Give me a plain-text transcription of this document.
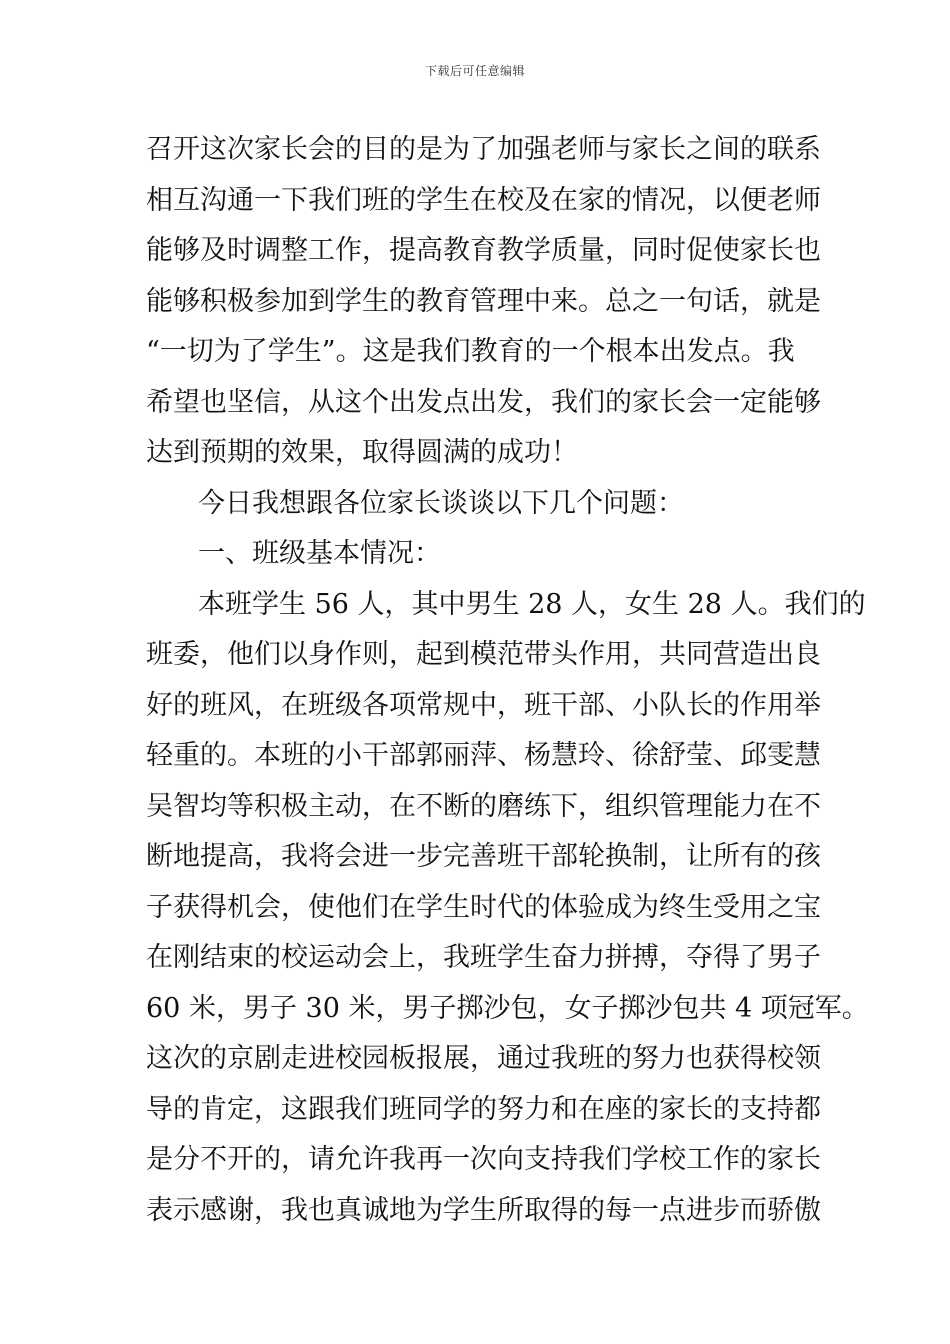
下载后可任意编辑
召开这次家长会的目的是为了加强老师与家长之间的联系
相互沟通一下我们班的学生在校及在家的情况，以便老师
能够及时调整工作，提高教育教学质量，同时促使家长也
能够积极参加到学生的教育管理中来。总之一句话，就是
“一切为了学生”。这是我们教育的一个根本出发点。我
希望也坚信，从这个出发点出发，我们的家长会一定能够
达到预期的效果，取得圆满的成功！
今日我想跟各位家长谈谈以下几个问题：
一、班级基本情况：
本班学生 56 人，其中男生 28 人，女生 28 人。我们的
班委，他们以身作则，起到模范带头作用，共同营造出良
好的班风，在班级各项常规中，班干部、小队长的作用举
轻重的。本班的小干部郭丽萍、杨慧玲、徐舒莹、邱雯慧
吴智均等积极主动，在不断的磨练下，组织管理能力在不
断地提高，我将会进一步完善班干部轮换制，让所有的孩
子获得机会，使他们在学生时代的体验成为终生受用之宝
在刚结束的校运动会上，我班学生奋力拼搏，夺得了男子
60 米，男子 30 米，男子掷沙包，女子掷沙包共 4 项冠军。
这次的京剧走进校园板报展，通过我班的努力也获得校领
导的肯定，这跟我们班同学的努力和在座的家长的支持都
是分不开的，请允许我再一次向支持我们学校工作的家长
表示感谢，我也真诚地为学生所取得的每一点进步而骄傲
